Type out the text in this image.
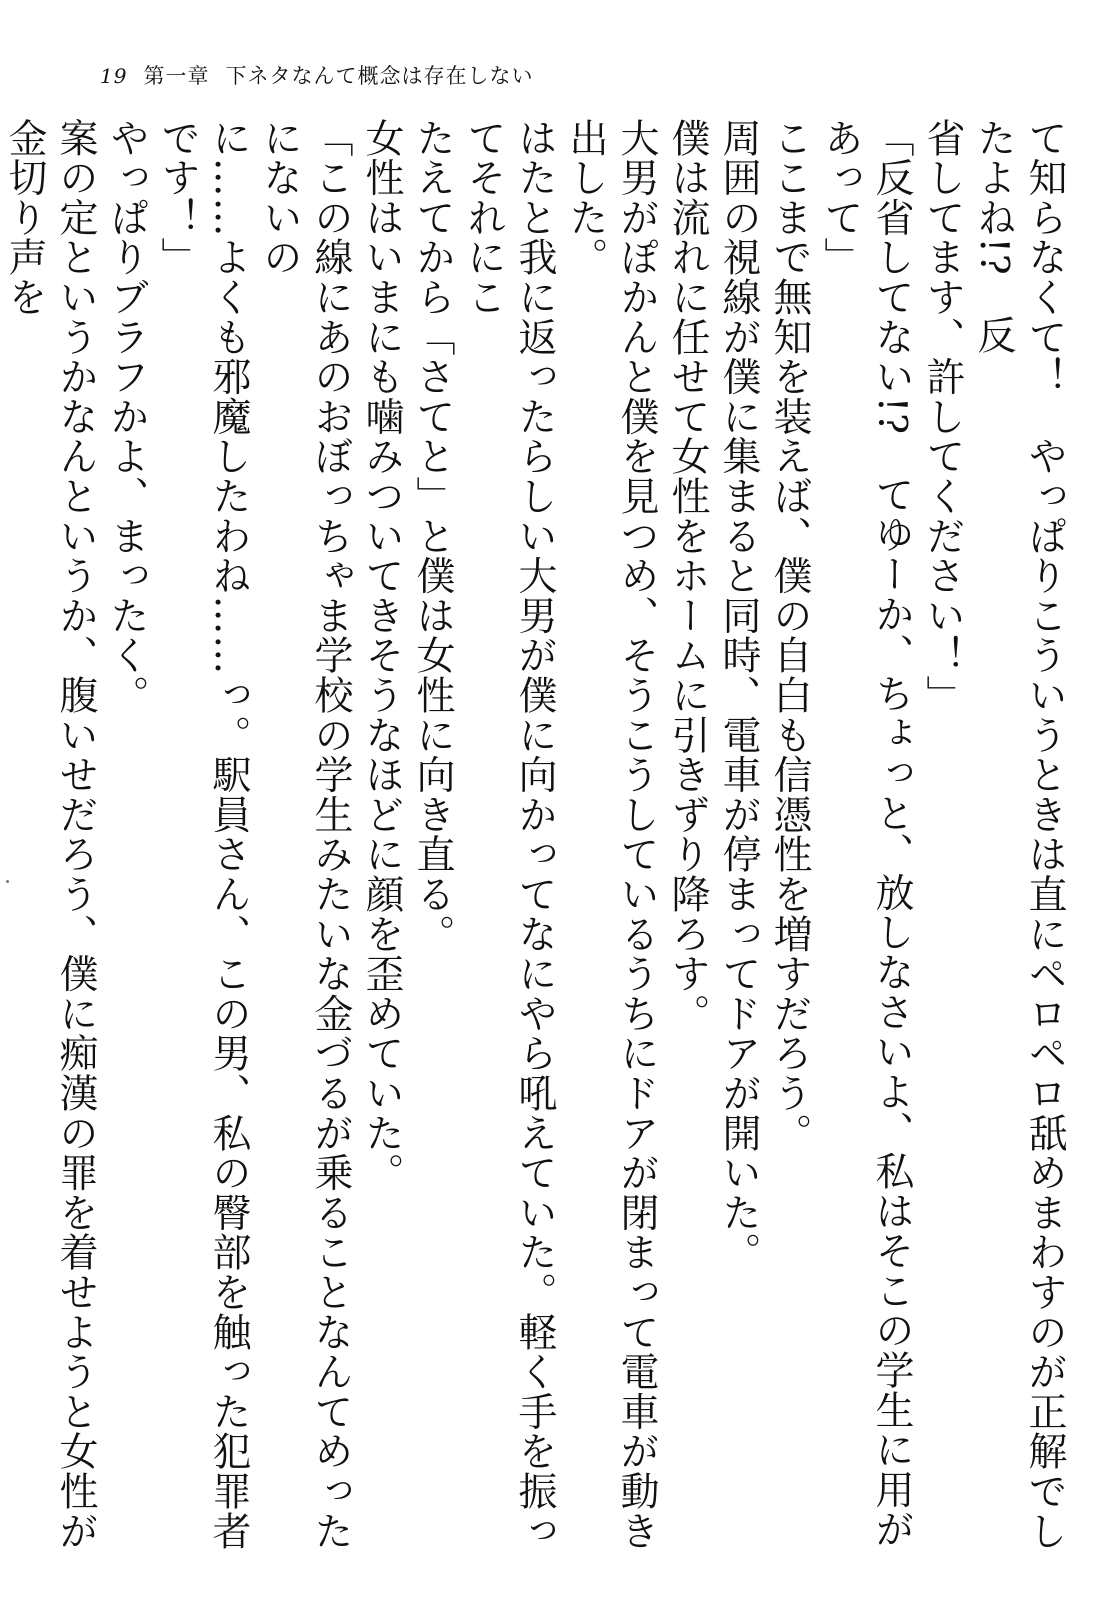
19 第一章 下ネタなんて概念は存在しない

て知らなくて！　やっぱりこういうときは直にペロペロ舐めまわすのが正解でしたよね!?　反

省してます、許してください！」

「反省してない!?　てゆーか、ちょっと、放しなさいよ、私はそこの学生に用があって」

ここまで無知を装えば、僕の自白も信憑性を増すだろう。

周囲の視線が僕に集まると同時、電車が停まってドアが開いた。

僕は流れに任せて女性をホームに引きずり降ろす。

大男がぽかんと僕を見つめ、そうこうしているうちにドアが閉まって電車が動き出した。

はたと我に返ったらしい大男が僕に向かってなにやら吼えていた。軽く手を振ってそれにこ

たえてから「さてと」と僕は女性に向き直る。

女性はいまにも噛みついてきそうなほどに顔を歪めていた。

「この線にあのおぼっちゃま学校の学生みたいな金づるが乗ることなんてめったにないの

に……よくも邪魔したわね……っ。駅員さん、この男、私の臀部を触った犯罪者です！」

やっぱりブラフかよ、まったく。

案の定というかなんというか、腹いせだろう、僕に痴漢の罪を着せようと女性が金切り声を
